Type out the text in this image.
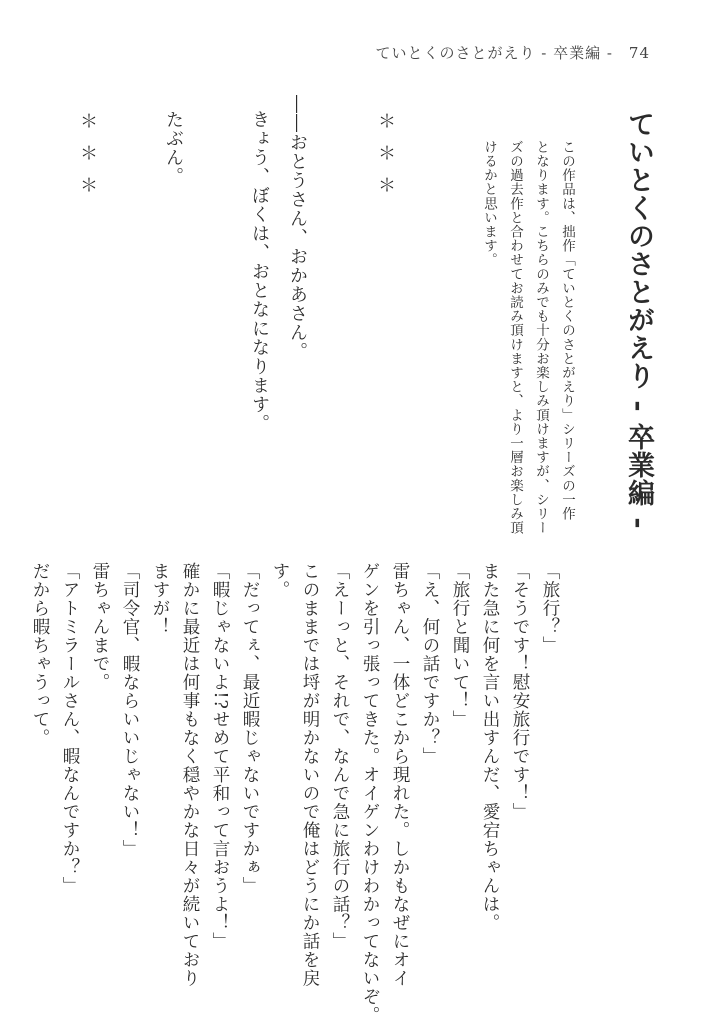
ていとくのさとがえり - 卒業編 -　74
ていとくのさとがえり - 卒業編 -
この作品は、拙作「ていとくのさとがえり」シリーズの一作
となります。こちらのみでも十分お楽しみ頂けますが、シリー
ズの過去作と合わせてお読み頂けますと、より一層お楽しみ頂
けるかと思います。
＊＊＊
――おとうさん、おかあさん。
きょう、ぼくは、おとなになります。
たぶん。
＊＊＊
「旅行？」
「そうです！慰安旅行です！」
また急に何を言い出すんだ、愛宕ちゃんは。
「旅行と聞いて！」
「え、何の話ですか？」
雷ちゃん、一体どこから現れた。しかもなぜにオイ
ゲンを引っ張ってきた。オイゲンわけわかってないぞ。
「えーっと、それで、なんで急に旅行の話？」
このままでは埒が明かないので俺はどうにか話を戻
す。
「だってぇ、最近暇じゃないですかぁ」
「暇じゃないよ!?せめて平和って言おうよ！」
確かに最近は何事もなく穏やかな日々が続いており
ますが！
「司令官、暇ならいいじゃない！」
雷ちゃんまで。
「アトミラールさん、暇なんですか？」
だから暇ちゃうって。
